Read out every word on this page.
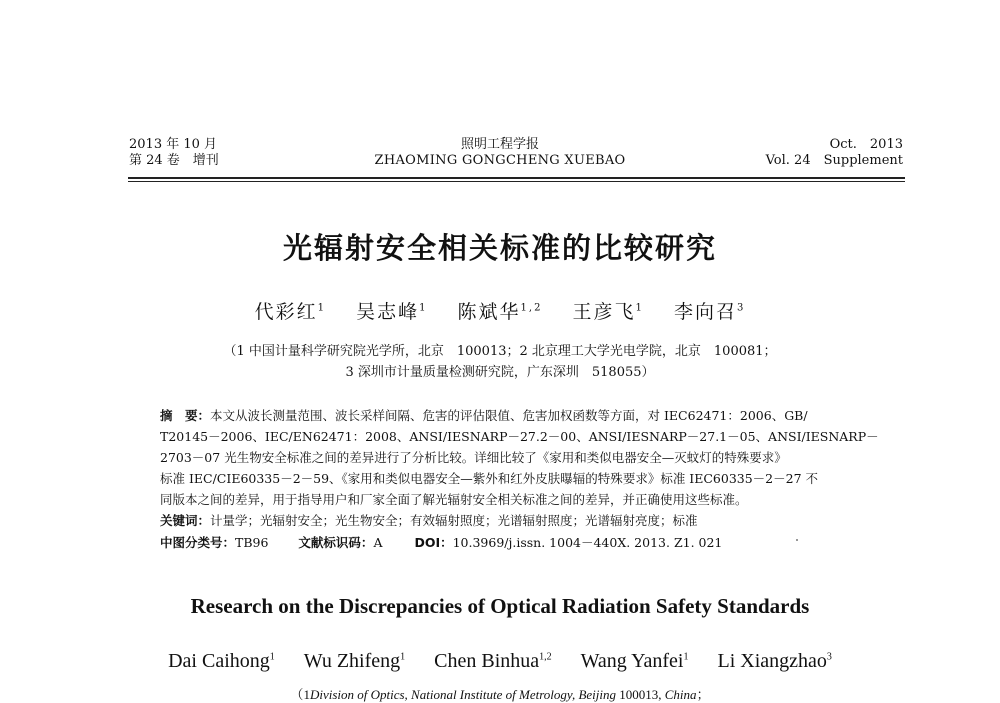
2013 年 10 月
第 24 卷　增刊
照明工程学报
ZHAOMING GONGCHENG XUEBAO
Oct.　2013
Vol. 24　Supplement
光辐射安全相关标准的比较研究
代彩红$^1$ 吴志峰$^1$ 陈斌华$^{1,2}$ 王彦飞$^1$ 李向召$^3$
（1 中国计量科学研究院光学所，北京　100013；2 北京理工大学光电学院，北京　100081；
3 深圳市计量质量检测研究院，广东深圳　518055）
摘　要：本文从波长测量范围、波长采样间隔、危害的评估限值、危害加权函数等方面，对 IEC62471：2006、GB/
T20145－2006、IEC/EN62471：2008、ANSI/IESNARP－27.2－00、ANSI/IESNARP－27.1－05、ANSI/IESNARP－
2703－07 光生物安全标准之间的差异进行了分析比较。详细比较了《家用和类似电器安全—灭蚊灯的特殊要求》
标准 IEC/CIE60335－2－59、《家用和类似电器安全—紫外和红外皮肤曝辐的特殊要求》标准 IEC60335－2－27 不
同版本之间的差异，用于指导用户和厂家全面了解光辐射安全相关标准之间的差异，并正确使用这些标准。
关键词：计量学；光辐射安全；光生物安全；有效辐射照度；光谱辐射照度；光谱辐射亮度；标准
中图分类号：TB96 文献标识码：A	DOI：10.3969/j.issn. 1004－440X. 2013. Z1. 021
Research on the Discrepancies of Optical Radiation Safety Standards
Dai Caihong$^1$ Wu Zhifeng$^1$ Chen Binhua$^{1,2}$ Wang Yanfei$^1$ Li Xiangzhao$^3$
（1Division of Optics, National Institute of Metrology, Beijing 100013, China；
